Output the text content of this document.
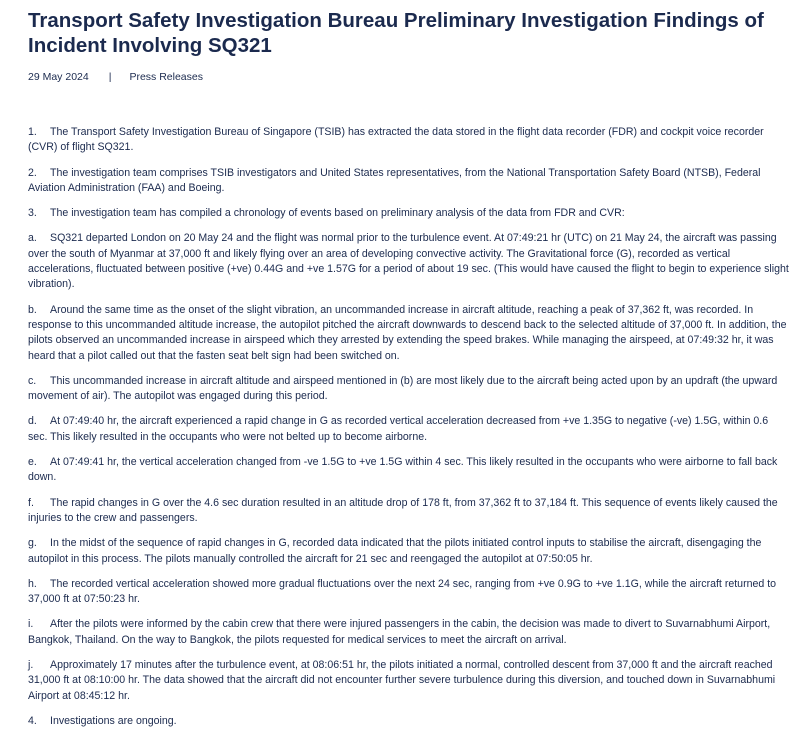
Transport Safety Investigation Bureau Preliminary Investigation Findings of Incident Involving SQ321
29 May 2024 | Press Releases

1. The Transport Safety Investigation Bureau of Singapore (TSIB) has extracted the data stored in the flight data recorder (FDR) and cockpit voice recorder (CVR) of flight SQ321.

2. The investigation team comprises TSIB investigators and United States representatives, from the National Transportation Safety Board (NTSB), Federal Aviation Administration (FAA) and Boeing.

3. The investigation team has compiled a chronology of events based on preliminary analysis of the data from FDR and CVR:

a. SQ321 departed London on 20 May 24 and the flight was normal prior to the turbulence event. At 07:49:21 hr (UTC) on 21 May 24, the aircraft was passing over the south of Myanmar at 37,000 ft and likely flying over an area of developing convective activity. The Gravitational force (G), recorded as vertical accelerations, fluctuated between positive (+ve) 0.44G and +ve 1.57G for a period of about 19 sec. (This would have caused the flight to begin to experience slight vibration).

b. Around the same time as the onset of the slight vibration, an uncommanded increase in aircraft altitude, reaching a peak of 37,362 ft, was recorded. In response to this uncommanded altitude increase, the autopilot pitched the aircraft downwards to descend back to the selected altitude of 37,000 ft. In addition, the pilots observed an uncommanded increase in airspeed which they arrested by extending the speed brakes. While managing the airspeed, at 07:49:32 hr, it was heard that a pilot called out that the fasten seat belt sign had been switched on.

c. This uncommanded increase in aircraft altitude and airspeed mentioned in (b) are most likely due to the aircraft being acted upon by an updraft (the upward movement of air). The autopilot was engaged during this period.

d. At 07:49:40 hr, the aircraft experienced a rapid change in G as recorded vertical acceleration decreased from +ve 1.35G to negative (-ve) 1.5G, within 0.6 sec. This likely resulted in the occupants who were not belted up to become airborne.

e. At 07:49:41 hr, the vertical acceleration changed from -ve 1.5G to +ve 1.5G within 4 sec. This likely resulted in the occupants who were airborne to fall back down.

f. The rapid changes in G over the 4.6 sec duration resulted in an altitude drop of 178 ft, from 37,362 ft to 37,184 ft. This sequence of events likely caused the injuries to the crew and passengers.

g. In the midst of the sequence of rapid changes in G, recorded data indicated that the pilots initiated control inputs to stabilise the aircraft, disengaging the autopilot in this process. The pilots manually controlled the aircraft for 21 sec and reengaged the autopilot at 07:50:05 hr.

h. The recorded vertical acceleration showed more gradual fluctuations over the next 24 sec, ranging from +ve 0.9G to +ve 1.1G, while the aircraft returned to 37,000 ft at 07:50:23 hr.

i. After the pilots were informed by the cabin crew that there were injured passengers in the cabin, the decision was made to divert to Suvarnabhumi Airport, Bangkok, Thailand. On the way to Bangkok, the pilots requested for medical services to meet the aircraft on arrival.

j. Approximately 17 minutes after the turbulence event, at 08:06:51 hr, the pilots initiated a normal, controlled descent from 37,000 ft and the aircraft reached 31,000 ft at 08:10:00 hr. The data showed that the aircraft did not encounter further severe turbulence during this diversion, and touched down in Suvarnabhumi Airport at 08:45:12 hr.

4. Investigations are ongoing.
